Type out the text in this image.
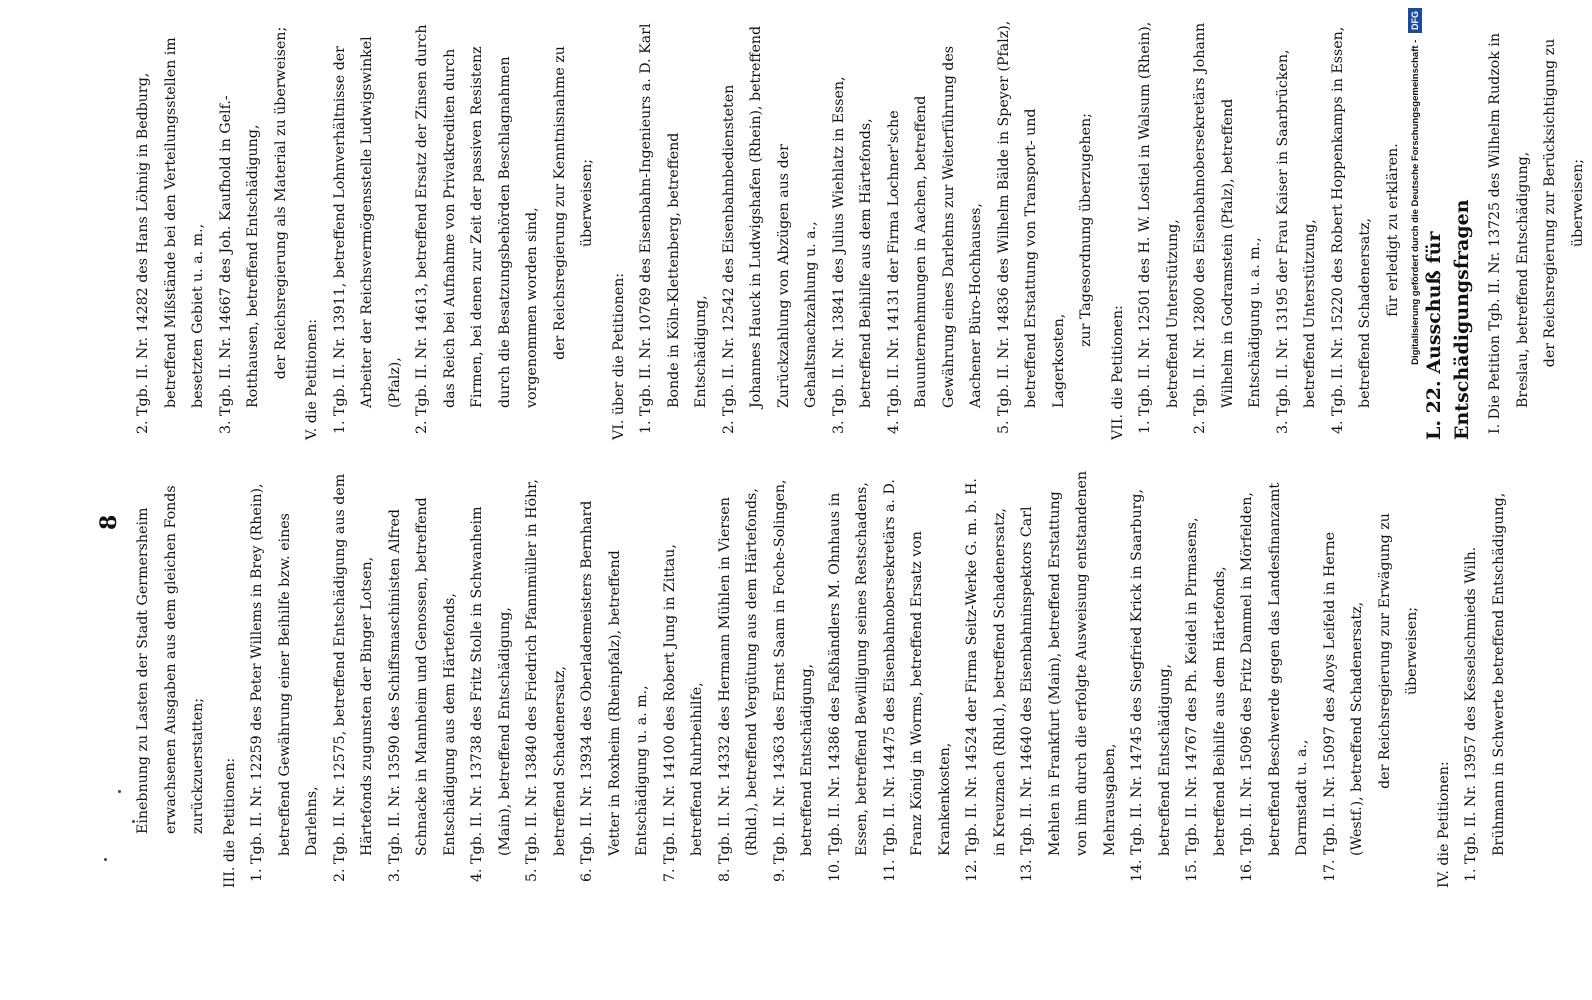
8 Einebnung zu Lasten der Stadt Germersheim erwachsenen Ausgaben aus dem gleichen Fonds zurückzuerstatten;	III. die Petitionen: 1. Tgb. II. Nr. 12259 des Peter Willems in Brey (Rhein), betreffend Gewährung einer Beihilfe bzw. eines Darlehns, 2. Tgb. II. Nr. 12575, betreffend Entschädigung aus dem Härtefonds zugunsten der Binger Lotsen, 3. Tgb. II. Nr. 13590 des Schiffsmaschinisten Alfred Schnacke in Mannheim und Genossen, betreffend Entschädigung aus dem Härtefonds, 4. Tgb. II. Nr. 13738 des Fritz Stolle in Schwanheim (Main), betreffend Entschädigung, 5. Tgb. II. Nr. 13840 des Friedrich Pfannmüller in Höhr, betreffend Schadenersatz, 6. Tgb. II. Nr. 13934 des Oberlademeisters Bernhard Vetter in Roxheim (Rheinpfalz), betreffend Entschädigung u. a. m., 7. Tgb. II. Nr. 14100 des Robert Jung in Zittau, betreffend Ruhrbeihilfe, 8. Tgb. II. Nr. 14332 des Hermann Mühlen in Viersen (Rhld.), betreffend Vergütung aus dem Härtefonds, 9. Tgb. II. Nr. 14363 des Ernst Saam in Foche-Solingen, betreffend Entschädigung, 10. Tgb. II. Nr. 14386 des Faßhändlers M. Ohnhaus in Essen, betreffend Bewilligung seines Restschadens, 11. Tgb. II. Nr. 14475 des Eisenbahnobersekretärs a. D. Franz König in Worms, betreffend Ersatz von Krankenkosten, 12. Tgb. II. Nr. 14524 der Firma Seitz-Werke G. m. b. H. in Kreuznach (Rhld.), betreffend Schadenersatz, 13. Tgb. II. Nr. 14640 des Eisenbahninspektors Carl Mehlen in Frankfurt (Main), betreffend Erstattung von ihm durch die erfolgte Ausweisung entstandenen Mehrausgaben, 14. Tgb. II. Nr. 14745 des Siegfried Krick in Saarburg, betreffend Entschädigung, 15. Tgb. II. Nr. 14767 des Ph. Keidel in Pirmasens, betreffend Beihilfe aus dem Härtefonds, 16. Tgb. II. Nr. 15096 des Fritz Dammel in Mörfelden, betreffend Beschwerde gegen das Landesfinanzamt Darmstadt u. a., 17. Tgb. II. Nr. 15097 des Aloys Leifeld in Herne (Westf.), betreffend Schadenersatz, der Reichsregierung zur Erwägung zu überweisen;

IV. die Petitionen: 1. Tgb. II. Nr. 13957 des Kesselschmieds Wilh. Brühmann in Schwerte betreffend Entschädigung,

2. Tgb. II. Nr. 14282 des Hans Löhnig in Bedburg, betreffend Mißstände bei den Verteilungsstellen im besetzten Gebiet u. a. m., 3. Tgb. II. Nr. 14667 des Joh. Kaufhold in Gelf.-Rotthausen, betreffend Entschädigung, der Reichsregierung als Material zu überweisen;

V. die Petitionen: 1. Tgb. II. Nr. 13911, betreffend Lohnverhältnisse der Arbeiter der Reichsvermögensstelle Ludwigswinkel (Pfalz), 2. Tgb. II. Nr. 14613, betreffend Ersatz der Zinsen durch das Reich bei Aufnahme von Privatkrediten durch Firmen, bei denen zur Zeit der passiven Resistenz durch die Besatzungsbehörden Beschlagnahmen vorgenommen worden sind, der Reichsregierung zur Kenntnisnahme zu überweisen;

VI. über die Petitionen: 1. Tgb. II. Nr. 10769 des Eisenbahn-Ingenieurs a. D. Karl Bonde in Köln-Klettenberg, betreffend Entschädigung, 2. Tgb. II. Nr. 12542 des Eisenbahnbediensteten Johannes Hauck in Ludwigshafen (Rhein), betreffend Zurückzahlung von Abzügen aus der Gehaltsnachzahlung u. a., 3. Tgb. II. Nr. 13841 des Julius Wiehlatz in Essen, betreffend Beihilfe aus dem Härtefonds, 4. Tgb. II. Nr. 14131 der Firma Lochner'sche Bauunternehmungen in Aachen, betreffend Gewährung eines Darlehns zur Weiterführung des Aachener Büro-Hochhauses, 5. Tgb. II. Nr. 14836 des Wilhelm Bälde in Speyer (Pfalz), betreffend Erstattung von Transport- und Lagerkosten,

zur Tagesordnung überzugehen;

VII. die Petitionen: 1. Tgb. II. Nr. 12501 des H. W. Lostiel in Walsum (Rhein), betreffend Unterstützung, 2. Tgb. II. Nr. 12800 des Eisenbahnobersekretärs Johann Wilhelm in Godramstein (Pfalz), betreffend Entschädigung u. a. m., 3. Tgb. II. Nr. 13195 der Frau Kaiser in Saarbrücken, betreffend Unterstützung, 4. Tgb. II. Nr. 15220 des Robert Hoppenkamps in Essen, betreffend Schadenersatz, für erledigt zu erklären.

L. 22. Ausschuß für Entschädigungsfragen	I. Die Petition Tgb. II. Nr. 13725 des Wilhelm Rudzok in Breslau, betreffend Entschädigung, der Reichsregierung zur Berücksichtigung zu überweisen;

Digitalisierung gefördert durch die Deutsche Forschungsgemeinschaft - DFG
